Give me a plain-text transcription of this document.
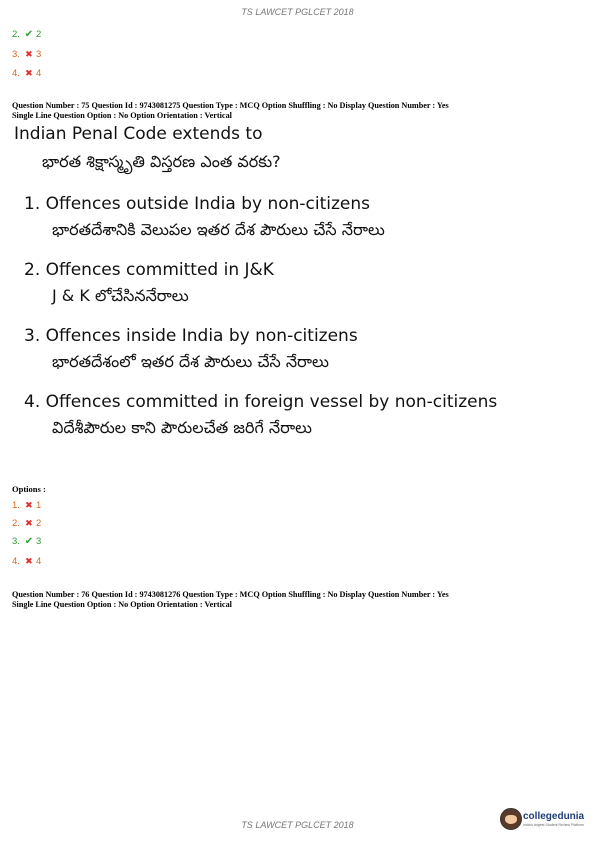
TS LAWCET PGLCET 2018
2. ✔ 2
3. ✖ 3
4. ✖ 4
Question Number : 75 Question Id : 9743081275 Question Type : MCQ Option Shuffling : No Display Question Number : Yes
Single Line Question Option : No Option Orientation : Vertical
Indian Penal Code extends to
భారత శిక్షాస్మృతి విస్తరణ ఎంత వరకు?
1. Offences outside India by non-citizens
భారతదేశానికి వెలుపల ఇతర దేశ పౌరులు చేసే నేరాలు
2. Offences committed in J&K
J & K లోచేసిననేరాలు
3. Offences inside India by non-citizens
భారతదేశంలో ఇతర దేశ పౌరులు చేసే నేరాలు
4. Offences committed in foreign vessel by non-citizens
విదేశీపౌరుల కాని పౌరులచేత జరిగే నేరాలు
Options :
1. ✖ 1
2. ✖ 2
3. ✔ 3
4. ✖ 4
Question Number : 76 Question Id : 9743081276 Question Type : MCQ Option Shuffling : No Display Question Number : Yes
Single Line Question Option : No Option Orientation : Vertical
TS LAWCET PGLCET 2018
collegedunia
India's largest Student Review Platform
